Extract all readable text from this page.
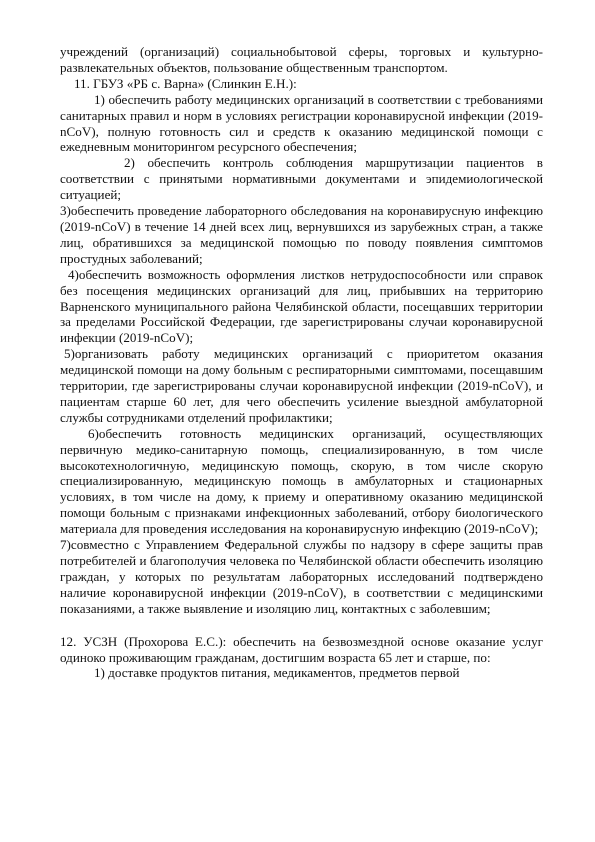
учреждений (организаций) социальнобытовой сферы, торговых и культурно-развлекательных объектов, пользование общественным транспортом.

11. ГБУЗ «РБ с. Варна» (Слинкин Е.Н.):

1) обеспечить работу медицинских организаций в соответствии с требованиями санитарных правил и норм в условиях регистрации коронавирусной инфекции (2019-nCoV), полную готовность сил и средств к оказанию медицинской помощи с ежедневным мониторингом ресурсного обеспечения;

2) обеспечить контроль соблюдения маршрутизации пациентов в соответствии с принятыми нормативными документами и эпидемиологической ситуацией;

3)обеспечить проведение лабораторного обследования на коронавирусную инфекцию (2019-nCoV) в течение 14 дней всех лиц, вернувшихся из зарубежных стран, а также лиц, обратившихся за медицинской помощью по поводу появления симптомов простудных заболеваний;

4)обеспечить возможность оформления листков нетрудоспособности или справок без посещения медицинских организаций для лиц, прибывших на территорию Варненского муниципального района Челябинской области, посещавших территории за пределами Российской Федерации, где зарегистрированы случаи коронавирусной инфекции (2019-nCoV);

5)организовать работу медицинских организаций с приоритетом оказания медицинской помощи на дому больным с респираторными симптомами, посещавшим территории, где зарегистрированы случаи коронавирусной инфекции (2019-nCoV), и пациентам старше 60 лет, для чего обеспечить усиление выездной амбулаторной службы сотрудниками отделений профилактики;

6)обеспечить готовность медицинских организаций, осуществляющих первичную медико-санитарную помощь, специализированную, в том числе высокотехнологичную, медицинскую помощь, скорую, в том числе скорую специализированную, медицинскую помощь в амбулаторных и стационарных условиях, в том числе на дому, к приему и оперативному оказанию медицинской помощи больным с признаками инфекционных заболеваний, отбору биологического материала для проведения исследования на коронавирусную инфекцию (2019-nCoV);

7)совместно с Управлением Федеральной службы по надзору в сфере защиты прав потребителей и благополучия человека по Челябинской области обеспечить изоляцию граждан, у которых по результатам лабораторных исследований подтверждено наличие коронавирусной инфекции (2019-nCoV), в соответствии с медицинскими показаниями, а также выявление и изоляцию лиц, контактных с заболевшим;

12. УСЗН (Прохорова Е.С.): обеспечить на безвозмездной основе оказание услуг одиноко проживающим гражданам, достигшим возраста 65 лет и старше, по:

1) доставке продуктов питания, медикаментов, предметов первой
